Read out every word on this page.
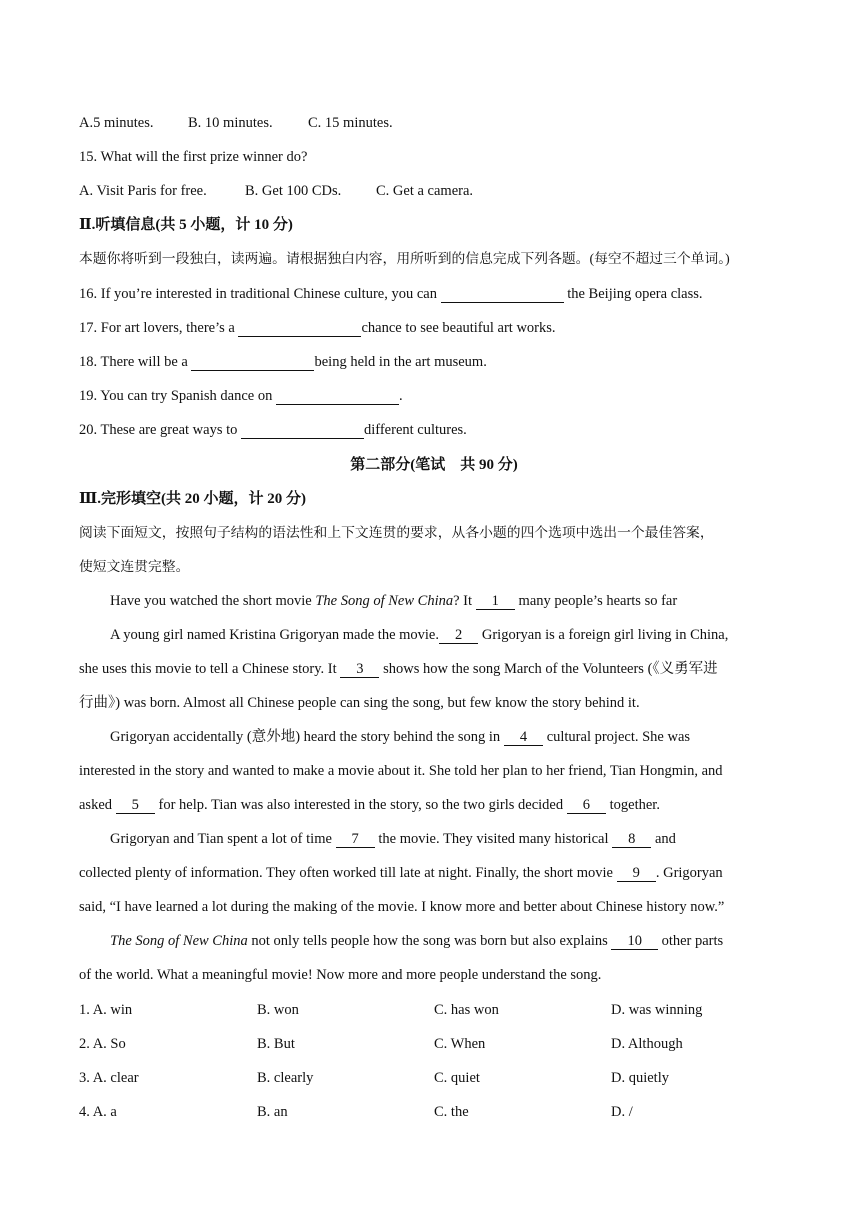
A.5 minutes. B. 10 minutes. C. 15 minutes.
15. What will the first prize winner do?
A. Visit Paris for free.	B. Get 100 CDs. C. Get a camera.
Ⅱ.听填信息(共 5 小题，计 10 分)
本题你将听到一段独白，读两遍。请根据独白内容，用所听到的信息完成下列各题。(每空不超过三个单词。)
16. If you’re interested in traditional Chinese culture, you can	the Beijing opera class.
17. For art lovers, there’s a	chance to see beautiful art works.
18. There will be a	being held in the art museum.
19. You can try Spanish dance on	.
20. These are great ways to	different cultures.
第二部分(笔试　共 90 分)
Ⅲ.完形填空(共 20 小题，计 20 分)
阅读下面短文，按照句子结构的语法性和上下文连贯的要求，从各小题的四个选项中选出一个最佳答案，
使短文连贯完整。
Have you watched the short movie The Song of New China? It 1 many people’s hearts so far
A young girl named Kristina Grigoryan made the movie. 2 Grigoryan is a foreign girl living in China,
she uses this movie to tell a Chinese story. It 3 shows how the song March of the Volunteers (《义勇军进
行曲》) was born. Almost all Chinese people can sing the song, but few know the story behind it.
Grigoryan accidentally (意外地) heard the story behind the song in 4 cultural project. She was
interested in the story and wanted to make a movie about it. She told her plan to her friend, Tian Hongmin, and
asked 5 for help. Tian was also interested in the story, so the two girls decided 6 together.
Grigoryan and Tian spent a lot of time 7 the movie. They visited many historical 8 and
collected plenty of information. They often worked till late at night. Finally, the short movie 9 . Grigoryan
said, “I have learned a lot during the making of the movie. I know more and better about Chinese history now.”
The Song of New China not only tells people how the song was born but also explains 10 other parts
of the world. What a meaningful movie! Now more and more people understand the song.
1. A. win	B. won	C. has won	D. was winning
2. A. So	B. But	C. When	D. Although
3. A. clear	B. clearly	C. quiet	D. quietly
4. A. a	B. an	C. the	D. /
